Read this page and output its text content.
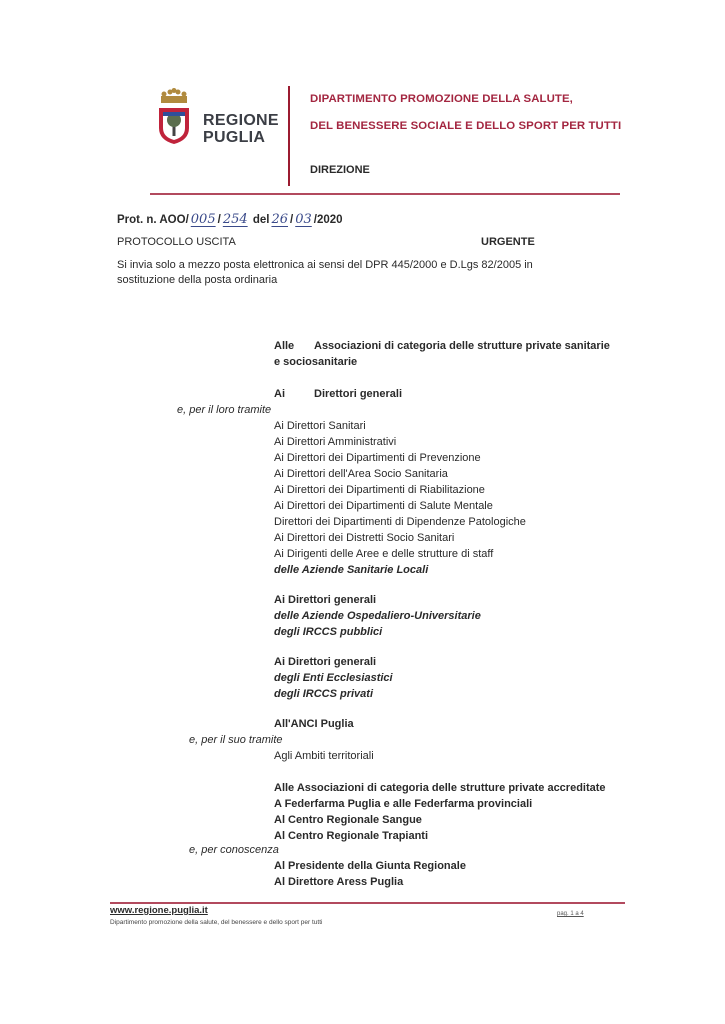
REGIONE
PUGLIA
DIPARTIMENTO PROMOZIONE DELLA SALUTE,
DEL BENESSERE SOCIALE E DELLO SPORT PER TUTTI
DIREZIONE
Prot. n. AOO/ 005 / 254 del 26 / 03 /2020
PROTOCOLLO USCITA	URGENTE
Si invia solo a mezzo posta elettronica ai sensi del DPR 445/2000 e D.Lgs 82/2005 in sostituzione della posta ordinaria
Alle Associazioni di categoria delle strutture private sanitarie
e sociosanitarie
Ai	Direttori generali
e, per il loro tramite
Ai Direttori Sanitari
Ai Direttori Amministrativi
Ai Direttori dei Dipartimenti di Prevenzione
Ai Direttori dell'Area Socio Sanitaria
Ai Direttori dei Dipartimenti di Riabilitazione
Ai Direttori dei Dipartimenti di Salute Mentale
Direttori dei Dipartimenti di Dipendenze Patologiche
Ai Direttori dei Distretti Socio Sanitari
Ai Dirigenti delle Aree e delle strutture di staff
delle Aziende Sanitarie Locali
Ai Direttori generali
delle Aziende Ospedaliero-Universitarie
degli IRCCS pubblici
Ai Direttori generali
degli Enti Ecclesiastici
degli IRCCS privati
All'ANCI Puglia
e, per il suo tramite
Agli Ambiti territoriali
Alle Associazioni di categoria delle strutture private accreditate
A Federfarma Puglia e alle Federfarma provinciali
Al Centro Regionale Sangue
Al Centro Regionale Trapianti
e, per conoscenza
Al Presidente della Giunta Regionale
Al Direttore Aress Puglia
www.regione.puglia.it	pag. 1 a 4
Dipartimento promozione della salute, del benessere e dello sport per tutti
